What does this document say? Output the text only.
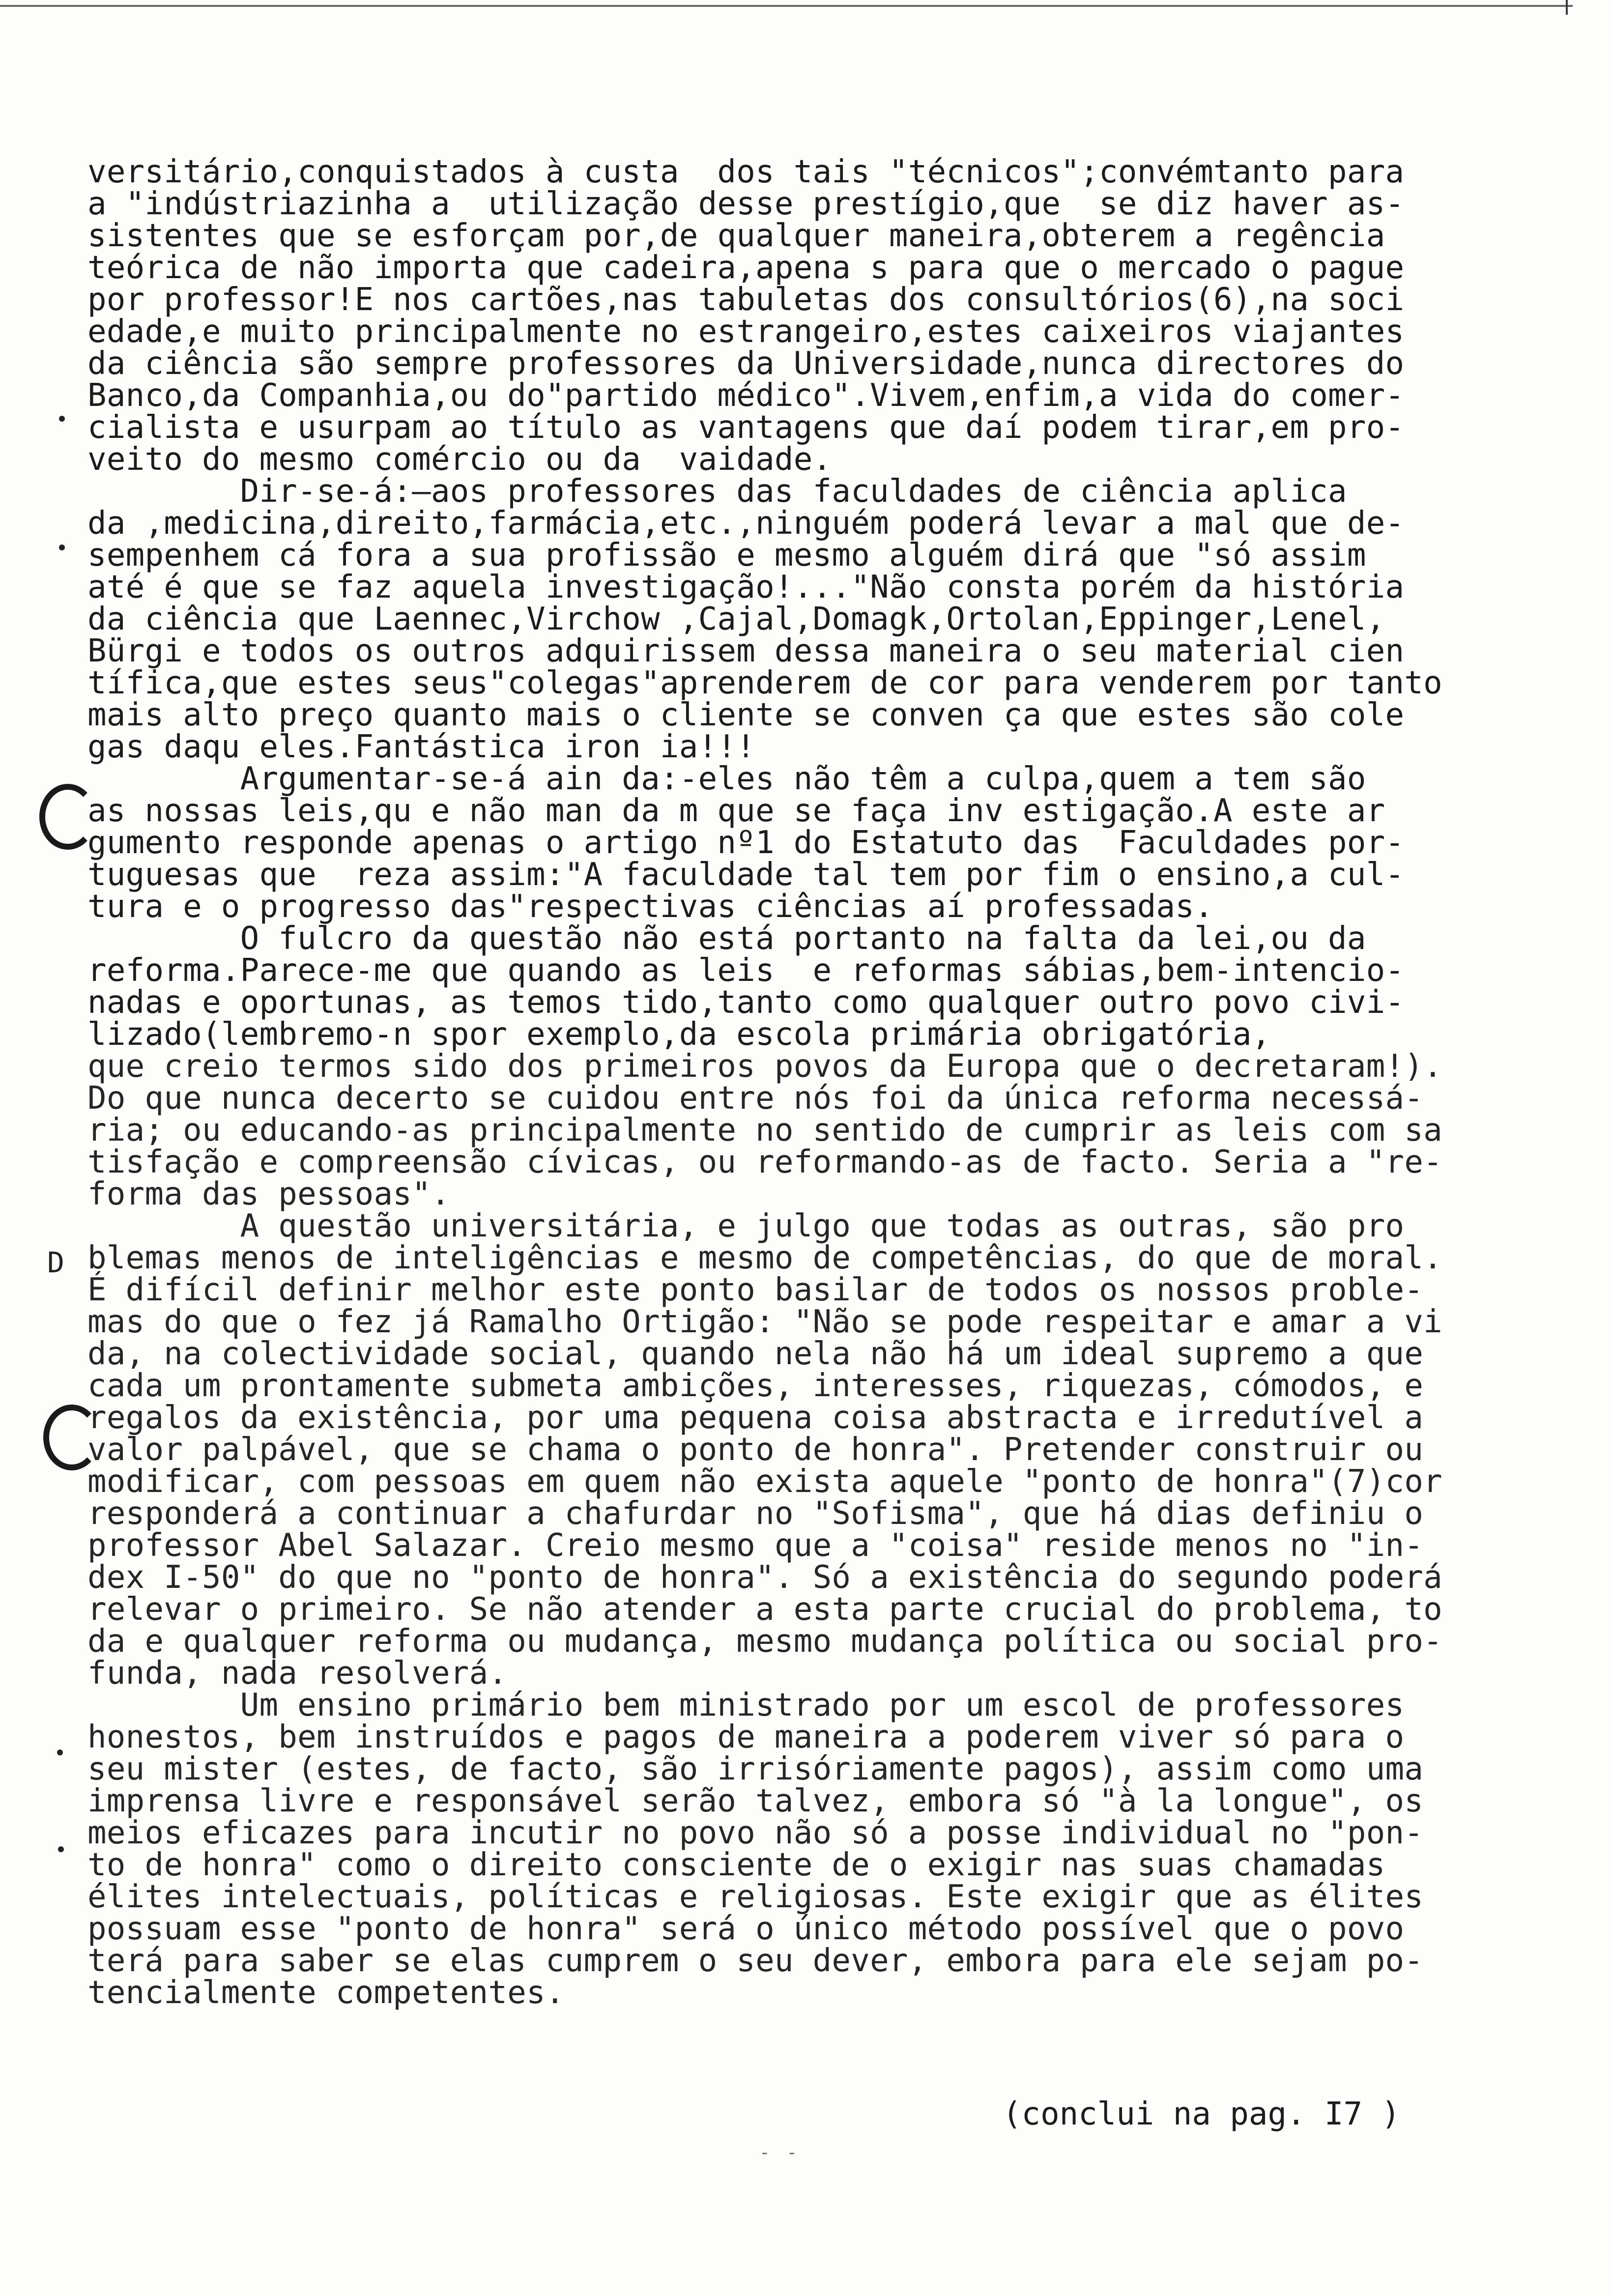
D
versitário,conquistados à custa  dos tais "técnicos";convémtanto para
a "indústriazinha a  utilização desse prestígio,que  se diz haver as-
sistentes que se esforçam por,de qualquer maneira,obterem a regência
teórica de não importa que cadeira,apena s para que o mercado o pague
por professor!E nos cartões,nas tabuletas dos consultórios(6),na soci
edade,e muito principalmente no estrangeiro,estes caixeiros viajantes
da ciência são sempre professores da Universidade,nunca directores do
Banco,da Companhia,ou do"partido médico".Vivem,enfim,a vida do comer-
cialista e usurpam ao título as vantagens que daí podem tirar,em pro-
veito do mesmo comércio ou da  vaidade.
Dir-se-á:—aos professores das faculdades de ciência aplica
da ,medicina,direito,farmácia,etc.,ninguém poderá levar a mal que de-
sempenhem cá fora a sua profissão e mesmo alguém dirá que "só assim
até é que se faz aquela investigação!..."Não consta porém da história
da ciência que Laennec,Virchow ,Cajal,Domagk,Ortolan,Eppinger,Lenel,
Bürgi e todos os outros adquirissem dessa maneira o seu material cien
tífica,que estes seus"colegas"aprenderem de cor para venderem por tanto
mais alto preço quanto mais o cliente se conven ça que estes são cole
gas daqu eles.Fantástica iron ia!!!
Argumentar-se-á ain da:-eles não têm a culpa,quem a tem são
as nossas leis,qu e não man da m que se faça inv estigação.A este ar
gumento responde apenas o artigo nº1 do Estatuto das  Faculdades por-
tuguesas que  reza assim:"A faculdade tal tem por fim o ensino,a cul-
tura e o progresso das"respectivas ciências aí professadas.
O fulcro da questão não está portanto na falta da lei,ou da
reforma.Parece-me que quando as leis  e reformas sábias,bem-intencio-
nadas e oportunas, as temos tido,tanto como qualquer outro povo civi-
lizado(lembremo-n spor exemplo,da escola primária obrigatória,
que creio termos sido dos primeiros povos da Europa que o decretaram!).
Do que nunca decerto se cuidou entre nós foi da única reforma necessá-
ria; ou educando-as principalmente no sentido de cumprir as leis com sa
tisfação e compreensão cívicas, ou reformando-as de facto. Seria a "re-
forma das pessoas".
A questão universitária, e julgo que todas as outras, são pro
blemas menos de inteligências e mesmo de competências, do que de moral.
É difícil definir melhor este ponto basilar de todos os nossos proble-
mas do que o fez já Ramalho Ortigão: "Não se pode respeitar e amar a vi
da, na colectividade social, quando nela não há um ideal supremo a que
cada um prontamente submeta ambições, interesses, riquezas, cómodos, e
regalos da existência, por uma pequena coisa abstracta e irredutível a
valor palpável, que se chama o ponto de honra". Pretender construir ou
modificar, com pessoas em quem não exista aquele "ponto de honra"(7)cor
responderá a continuar a chafurdar no "Sofisma", que há dias definiu o
professor Abel Salazar. Creio mesmo que a "coisa" reside menos no "in-
dex I-50" do que no "ponto de honra". Só a existência do segundo poderá
relevar o primeiro. Se não atender a esta parte crucial do problema, to
da e qualquer reforma ou mudança, mesmo mudança política ou social pro-
funda, nada resolverá.
Um ensino primário bem ministrado por um escol de professores
honestos, bem instruídos e pagos de maneira a poderem viver só para o
seu mister (estes, de facto, são irrisóriamente pagos), assim como uma
imprensa livre e responsável serão talvez, embora só "à la longue", os
meios eficazes para incutir no povo não só a posse individual no "pon-
to de honra" como o direito consciente de o exigir nas suas chamadas
élites intelectuais, políticas e religiosas. Este exigir que as élites
possuam esse "ponto de honra" será o único método possível que o povo
terá para saber se elas cumprem o seu dever, embora para ele sejam po-
tencialmente competentes.
(conclui na pag. I7 )
- -
